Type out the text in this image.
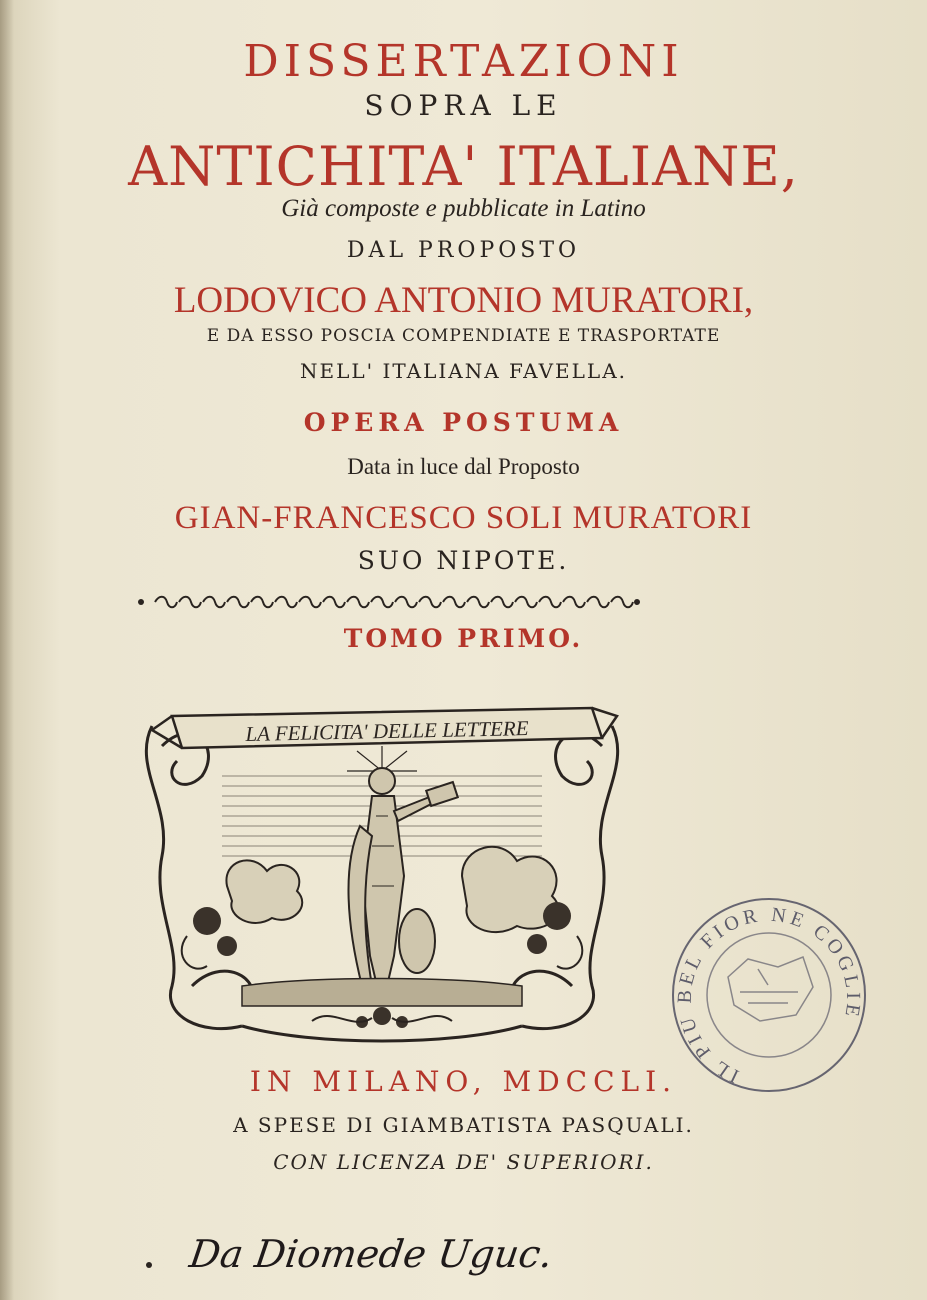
DISSERTAZIONI
SOPRA LE
ANTICHITA' ITALIANE,
Già composte e pubblicate in Latino
DAL PROPOSTO
LODOVICO ANTONIO MURATORI,
E DA ESSO POSCIA COMPENDIATE E TRASPORTATE
NELL' ITALIANA FAVELLA.
OPERA POSTUMA
Data in luce dal Proposto
GIAN-FRANCESCO SOLI MURATORI
SUO NIPOTE.
TOMO PRIMO.
LA FELICITA' DELLE LETTERE
IL PIU BEL FIOR NE COGLIE
IN MILANO, MDCCLI.
A SPESE DI GIAMBATISTA PASQUALI.
CON LICENZA DE' SUPERIORI.
Da Diomede Uguc.
